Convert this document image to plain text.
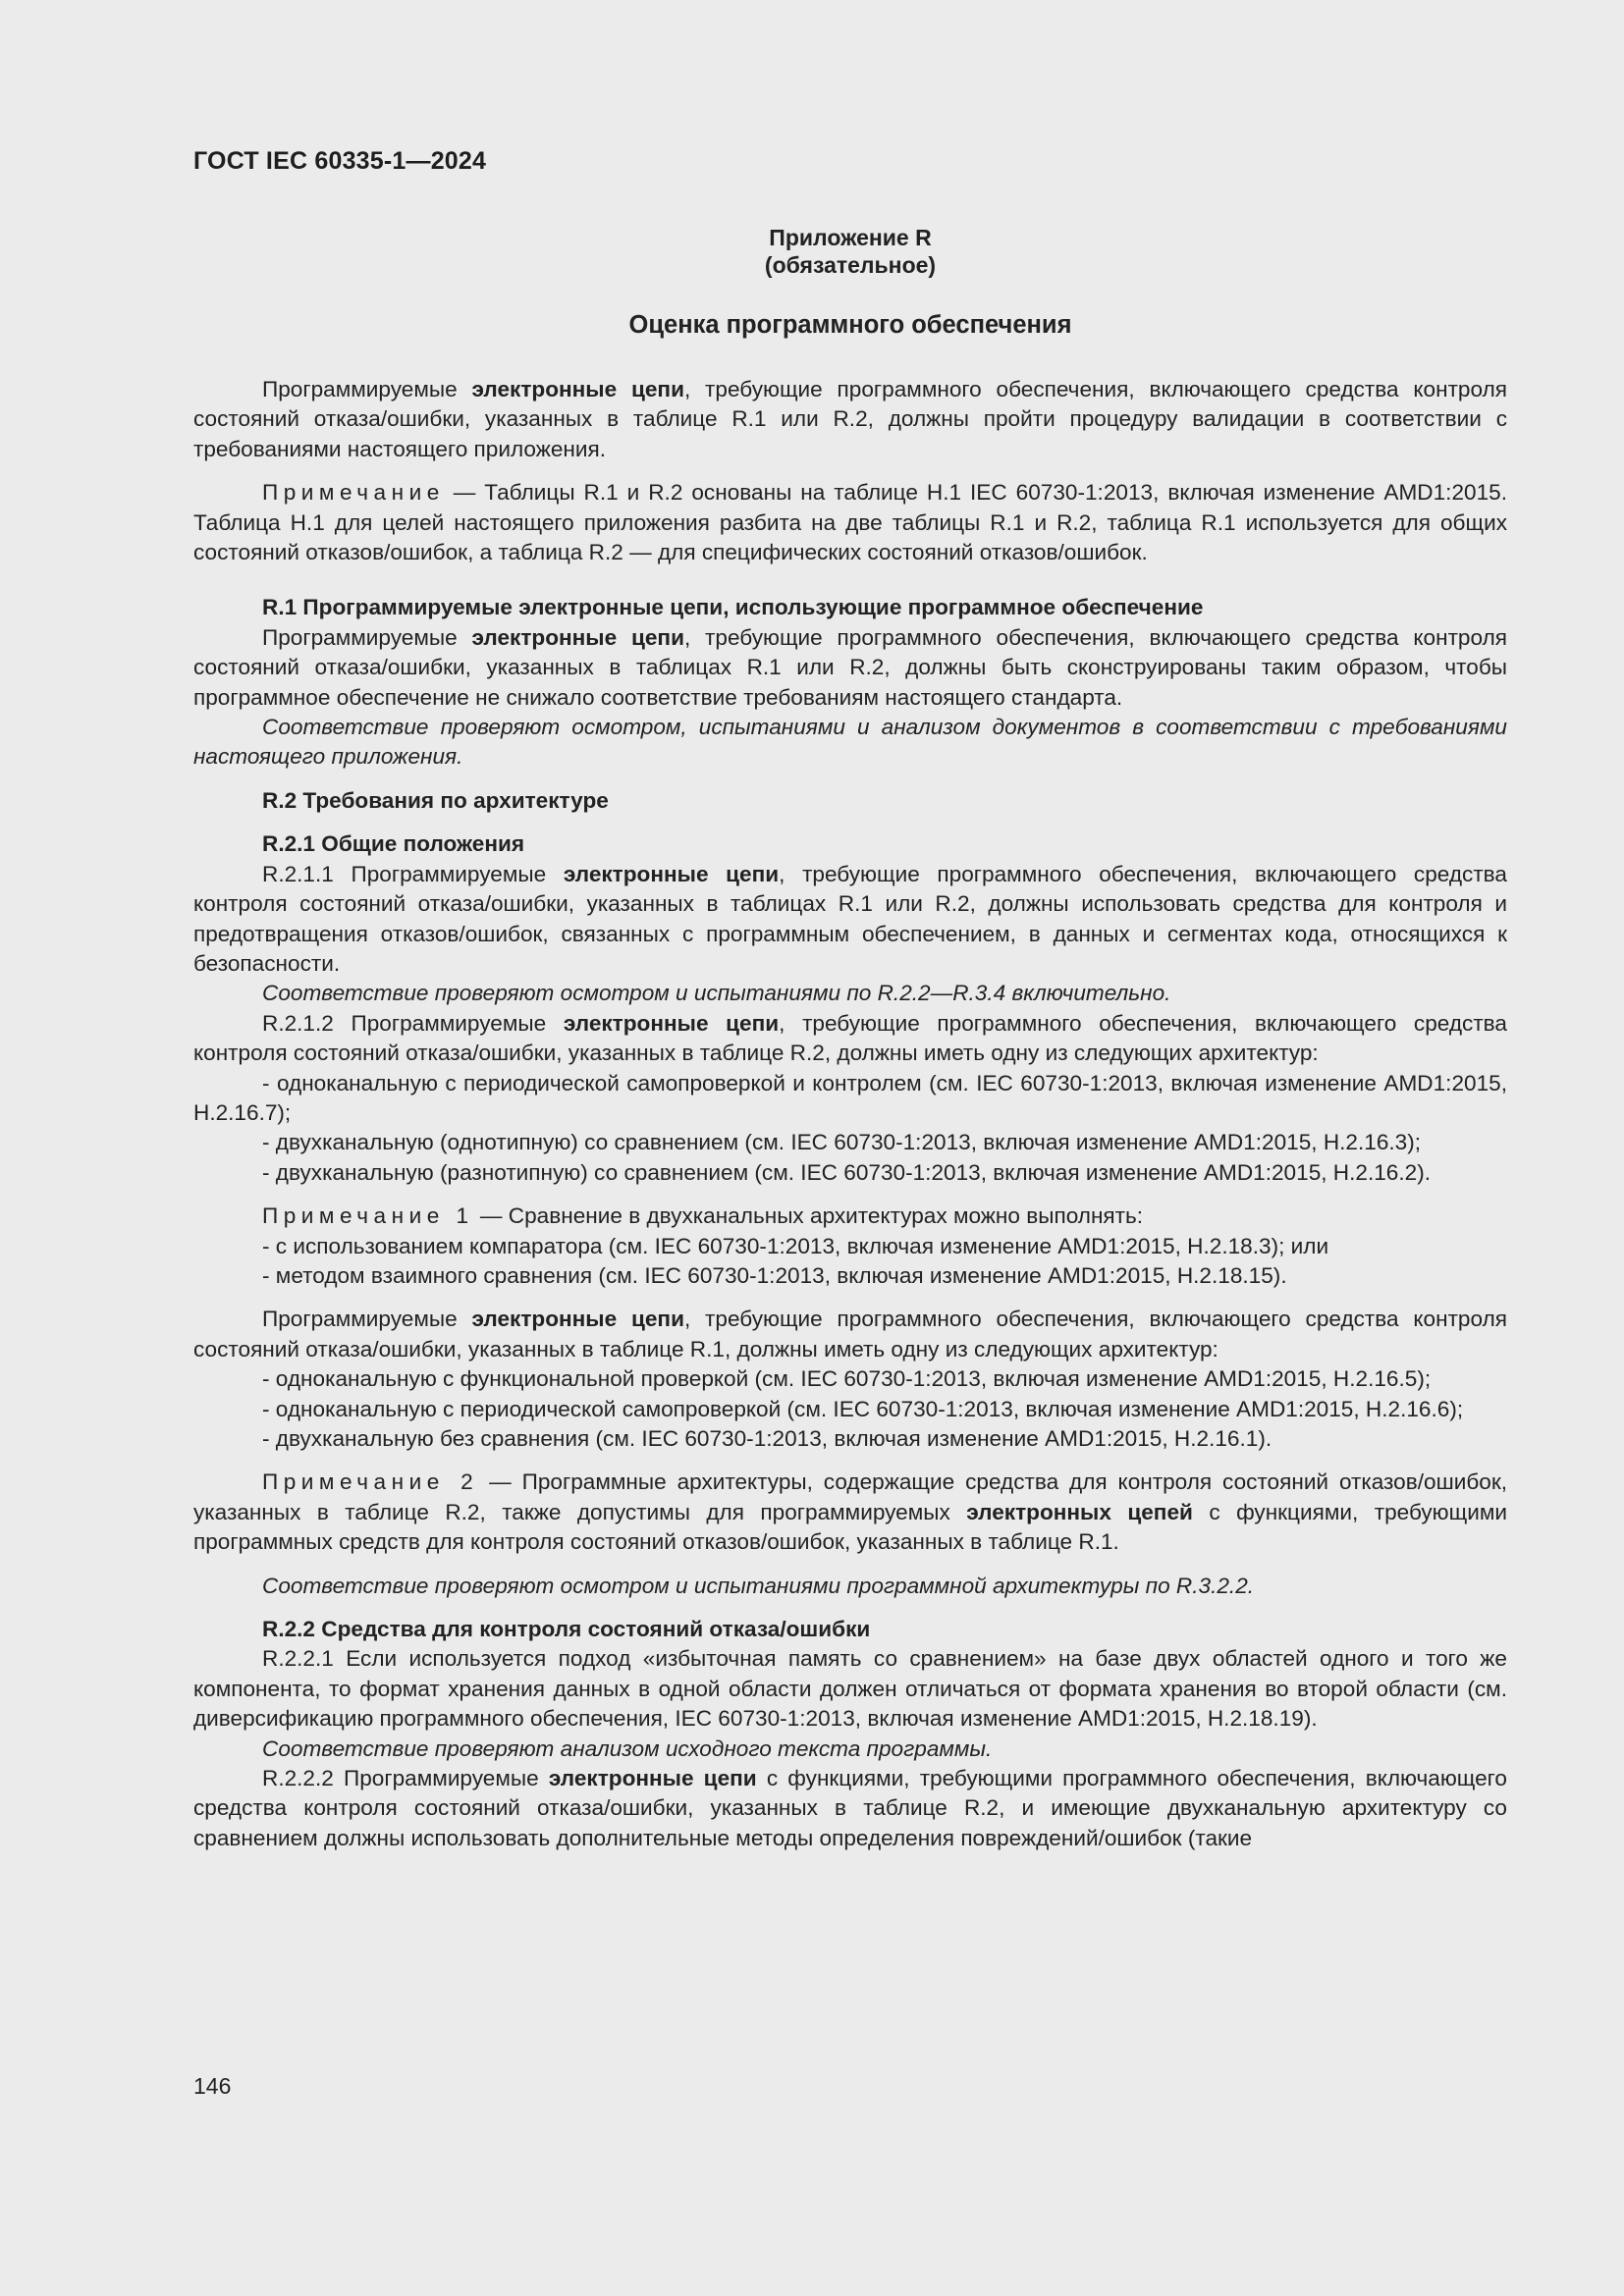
ГОСТ IEC 60335-1—2024

Приложение R

(обязательное)

Оценка программного обеспечения

Программируемые электронные цепи, требующие программного обеспечения, включающего средства контроля состояний отказа/ошибки, указанных в таблице R.1 или R.2, должны пройти процедуру валидации в соответствии с требованиями настоящего приложения.

Примечание — Таблицы R.1 и R.2 основаны на таблице H.1 IEC 60730-1:2013, включая изменение AMD1:2015. Таблица H.1 для целей настоящего приложения разбита на две таблицы R.1 и R.2, таблица R.1 используется для общих состояний отказов/ошибок, а таблица R.2 — для специфических состояний отказов/ошибок.

R.1 Программируемые электронные цепи, использующие программное обеспечение

Программируемые электронные цепи, требующие программного обеспечения, включающего средства контроля состояний отказа/ошибки, указанных в таблицах R.1 или R.2, должны быть сконструированы таким образом, чтобы программное обеспечение не снижало соответствие требованиям настоящего стандарта.

Соответствие проверяют осмотром, испытаниями и анализом документов в соответствии с требованиями настоящего приложения.

R.2 Требования по архитектуре

R.2.1 Общие положения

R.2.1.1 Программируемые электронные цепи, требующие программного обеспечения, включающего средства контроля состояний отказа/ошибки, указанных в таблицах R.1 или R.2, должны использовать средства для контроля и предотвращения отказов/ошибок, связанных с программным обеспечением, в данных и сегментах кода, относящихся к безопасности.

Соответствие проверяют осмотром и испытаниями по R.2.2—R.3.4 включительно.

R.2.1.2 Программируемые электронные цепи, требующие программного обеспечения, включающего средства контроля состояний отказа/ошибки, указанных в таблице R.2, должны иметь одну из следующих архитектур:

- одноканальную с периодической самопроверкой и контролем (см. IEC 60730-1:2013, включая изменение AMD1:2015, H.2.16.7);

- двухканальную (однотипную) со сравнением (см. IEC 60730-1:2013, включая изменение AMD1:2015, H.2.16.3);

- двухканальную (разнотипную) со сравнением (см. IEC 60730-1:2013, включая изменение AMD1:2015, H.2.16.2).

Примечание 1 — Сравнение в двухканальных архитектурах можно выполнять:

- с использованием компаратора (см. IEC 60730-1:2013, включая изменение AMD1:2015, H.2.18.3); или

- методом взаимного сравнения (см. IEC 60730-1:2013, включая изменение AMD1:2015, H.2.18.15).

Программируемые электронные цепи, требующие программного обеспечения, включающего средства контроля состояний отказа/ошибки, указанных в таблице R.1, должны иметь одну из следующих архитектур:

- одноканальную с функциональной проверкой (см. IEC 60730-1:2013, включая изменение AMD1:2015, H.2.16.5);

- одноканальную с периодической самопроверкой (см. IEC 60730-1:2013, включая изменение AMD1:2015, H.2.16.6);

- двухканальную без сравнения (см. IEC 60730-1:2013, включая изменение AMD1:2015, H.2.16.1).

Примечание 2 — Программные архитектуры, содержащие средства для контроля состояний отказов/ошибок, указанных в таблице R.2, также допустимы для программируемых электронных цепей с функциями, требующими программных средств для контроля состояний отказов/ошибок, указанных в таблице R.1.

Соответствие проверяют осмотром и испытаниями программной архитектуры по R.3.2.2.

R.2.2 Средства для контроля состояний отказа/ошибки

R.2.2.1 Если используется подход «избыточная память со сравнением» на базе двух областей одного и того же компонента, то формат хранения данных в одной области должен отличаться от формата хранения во второй области (см. диверсификацию программного обеспечения, IEC 60730-1:2013, включая изменение AMD1:2015, H.2.18.19).

Соответствие проверяют анализом исходного текста программы.

R.2.2.2 Программируемые электронные цепи с функциями, требующими программного обеспечения, включающего средства контроля состояний отказа/ошибки, указанных в таблице R.2, и имеющие двухканальную архитектуру со сравнением должны использовать дополнительные методы определения повреждений/ошибок (такие

146
